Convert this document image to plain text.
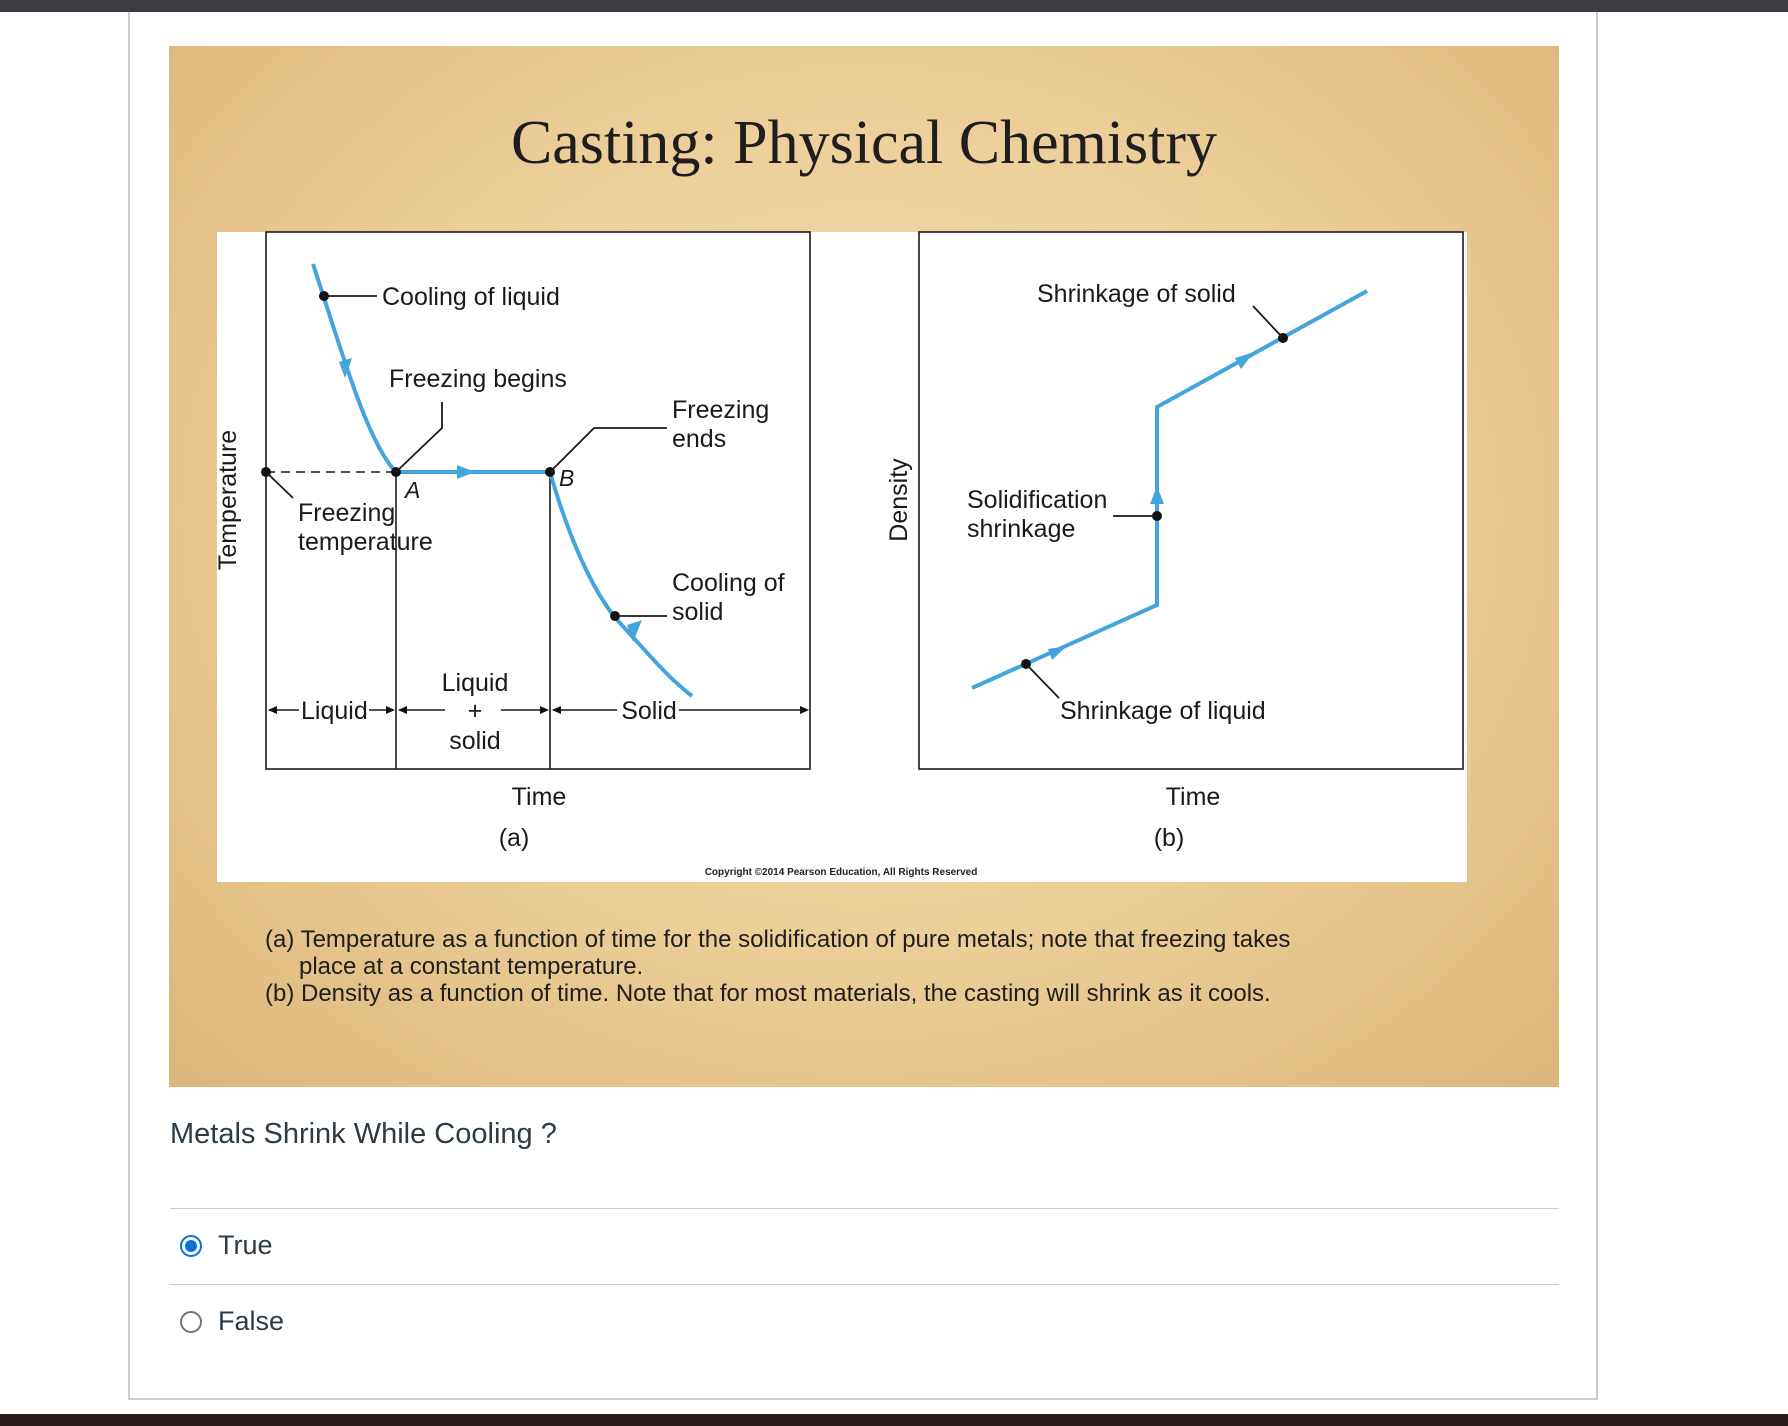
Casting: Physical Chemistry
Temperature
Cooling of liquid
Freezing begins
Freezing
ends
A	B
Freezing
temperature
Cooling of
solid
Liquid
Liquid
+
solid
Solid
Time
(a)
Density
Shrinkage of solid
Solidification
shrinkage
Shrinkage of liquid
Time
(b)
Copyright ©2014 Pearson Education, All Rights Reserved
(a) Temperature as a function of time for the solidification of pure metals; note that freezing takes
place at a constant temperature.
(b) Density as a function of time. Note that for most materials, the casting will shrink as it cools.
Metals Shrink While Cooling ?
True
False
